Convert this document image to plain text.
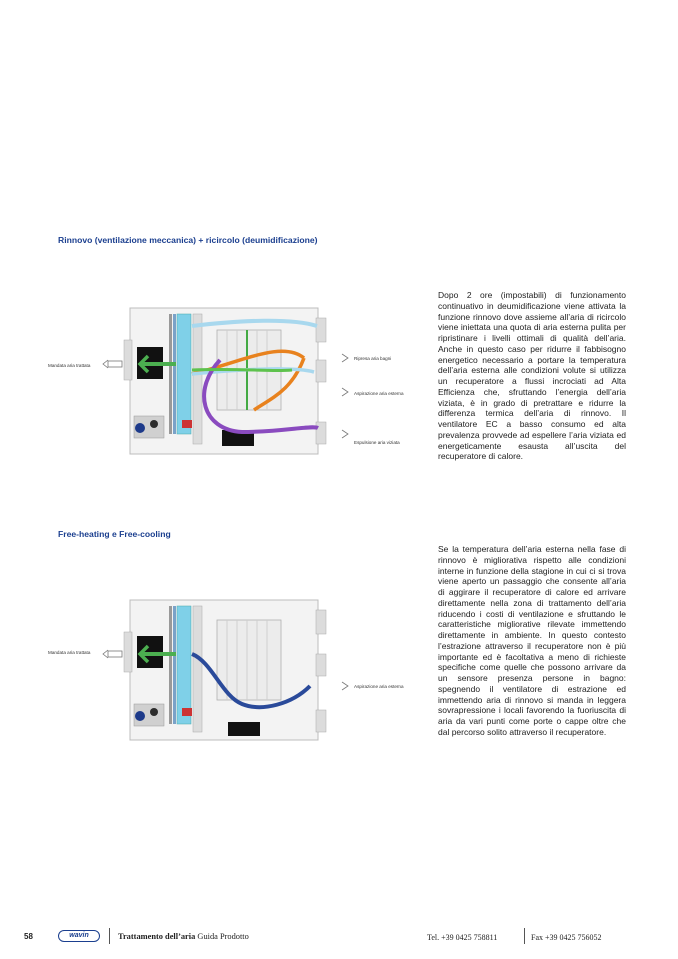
Rinnovo (ventilazione meccanica) + ricircolo (deumidificazione)
Mandata aria trattata
Ripresa aria bagni
Aspirazione aria esterna
Espulsione aria viziata
Dopo 2 ore (impostabili) di funzionamento continuativo in deumidificazione viene attivata la funzione rinnovo dove assieme all’aria di ricircolo viene iniettata una quota di aria esterna pulita per ripristinare i livelli ottimali di qualità dell’aria. Anche in questo caso per ridurre il fabbisogno energetico necessario a portare la temperatura dell’aria esterna alle condizioni volute si utilizza un recuperatore a flussi incrociati ad Alta Efficienza che, sfruttando l’energia dell’aria viziata, è in grado di pretrattare e ridurre la differenza termica dell’aria di rinnovo. Il ventilatore EC a basso consumo ed alta prevalenza provvede ad espellere l’aria viziata ed energeticamente esausta all’uscita del recuperatore di calore.
Free-heating e Free-cooling
Mandata aria trattata
Aspirazione aria esterna
Se la temperatura dell’aria esterna nella fase di rinnovo è migliorativa rispetto alle condizioni interne in funzione della stagione in cui ci si trova viene aperto un passaggio che consente all’aria di aggirare il recuperatore di calore ed arrivare direttamente nella zona di trattamento dell’aria riducendo i costi di ventilazione e sfruttando le caratteristiche migliorative rilevate immettendo direttamente in ambiente. In questo contesto l’estrazione attraverso il recuperatore non è più importante ed è facoltativa a meno di richieste specifiche come quelle che possono arrivare da un sensore presenza persone in bagno: spegnendo il ventilatore di estrazione ed immettendo aria di rinnovo si manda in leggera sovrapressione i locali favorendo la fuoriuscita di aria da vari punti come porte o cappe oltre che dal percorso solito attraverso il recuperatore.
58	wavin	Trattamento dell’aria Guida Prodotto	Tel. +39 0425 758811	Fax +39 0425 756052
